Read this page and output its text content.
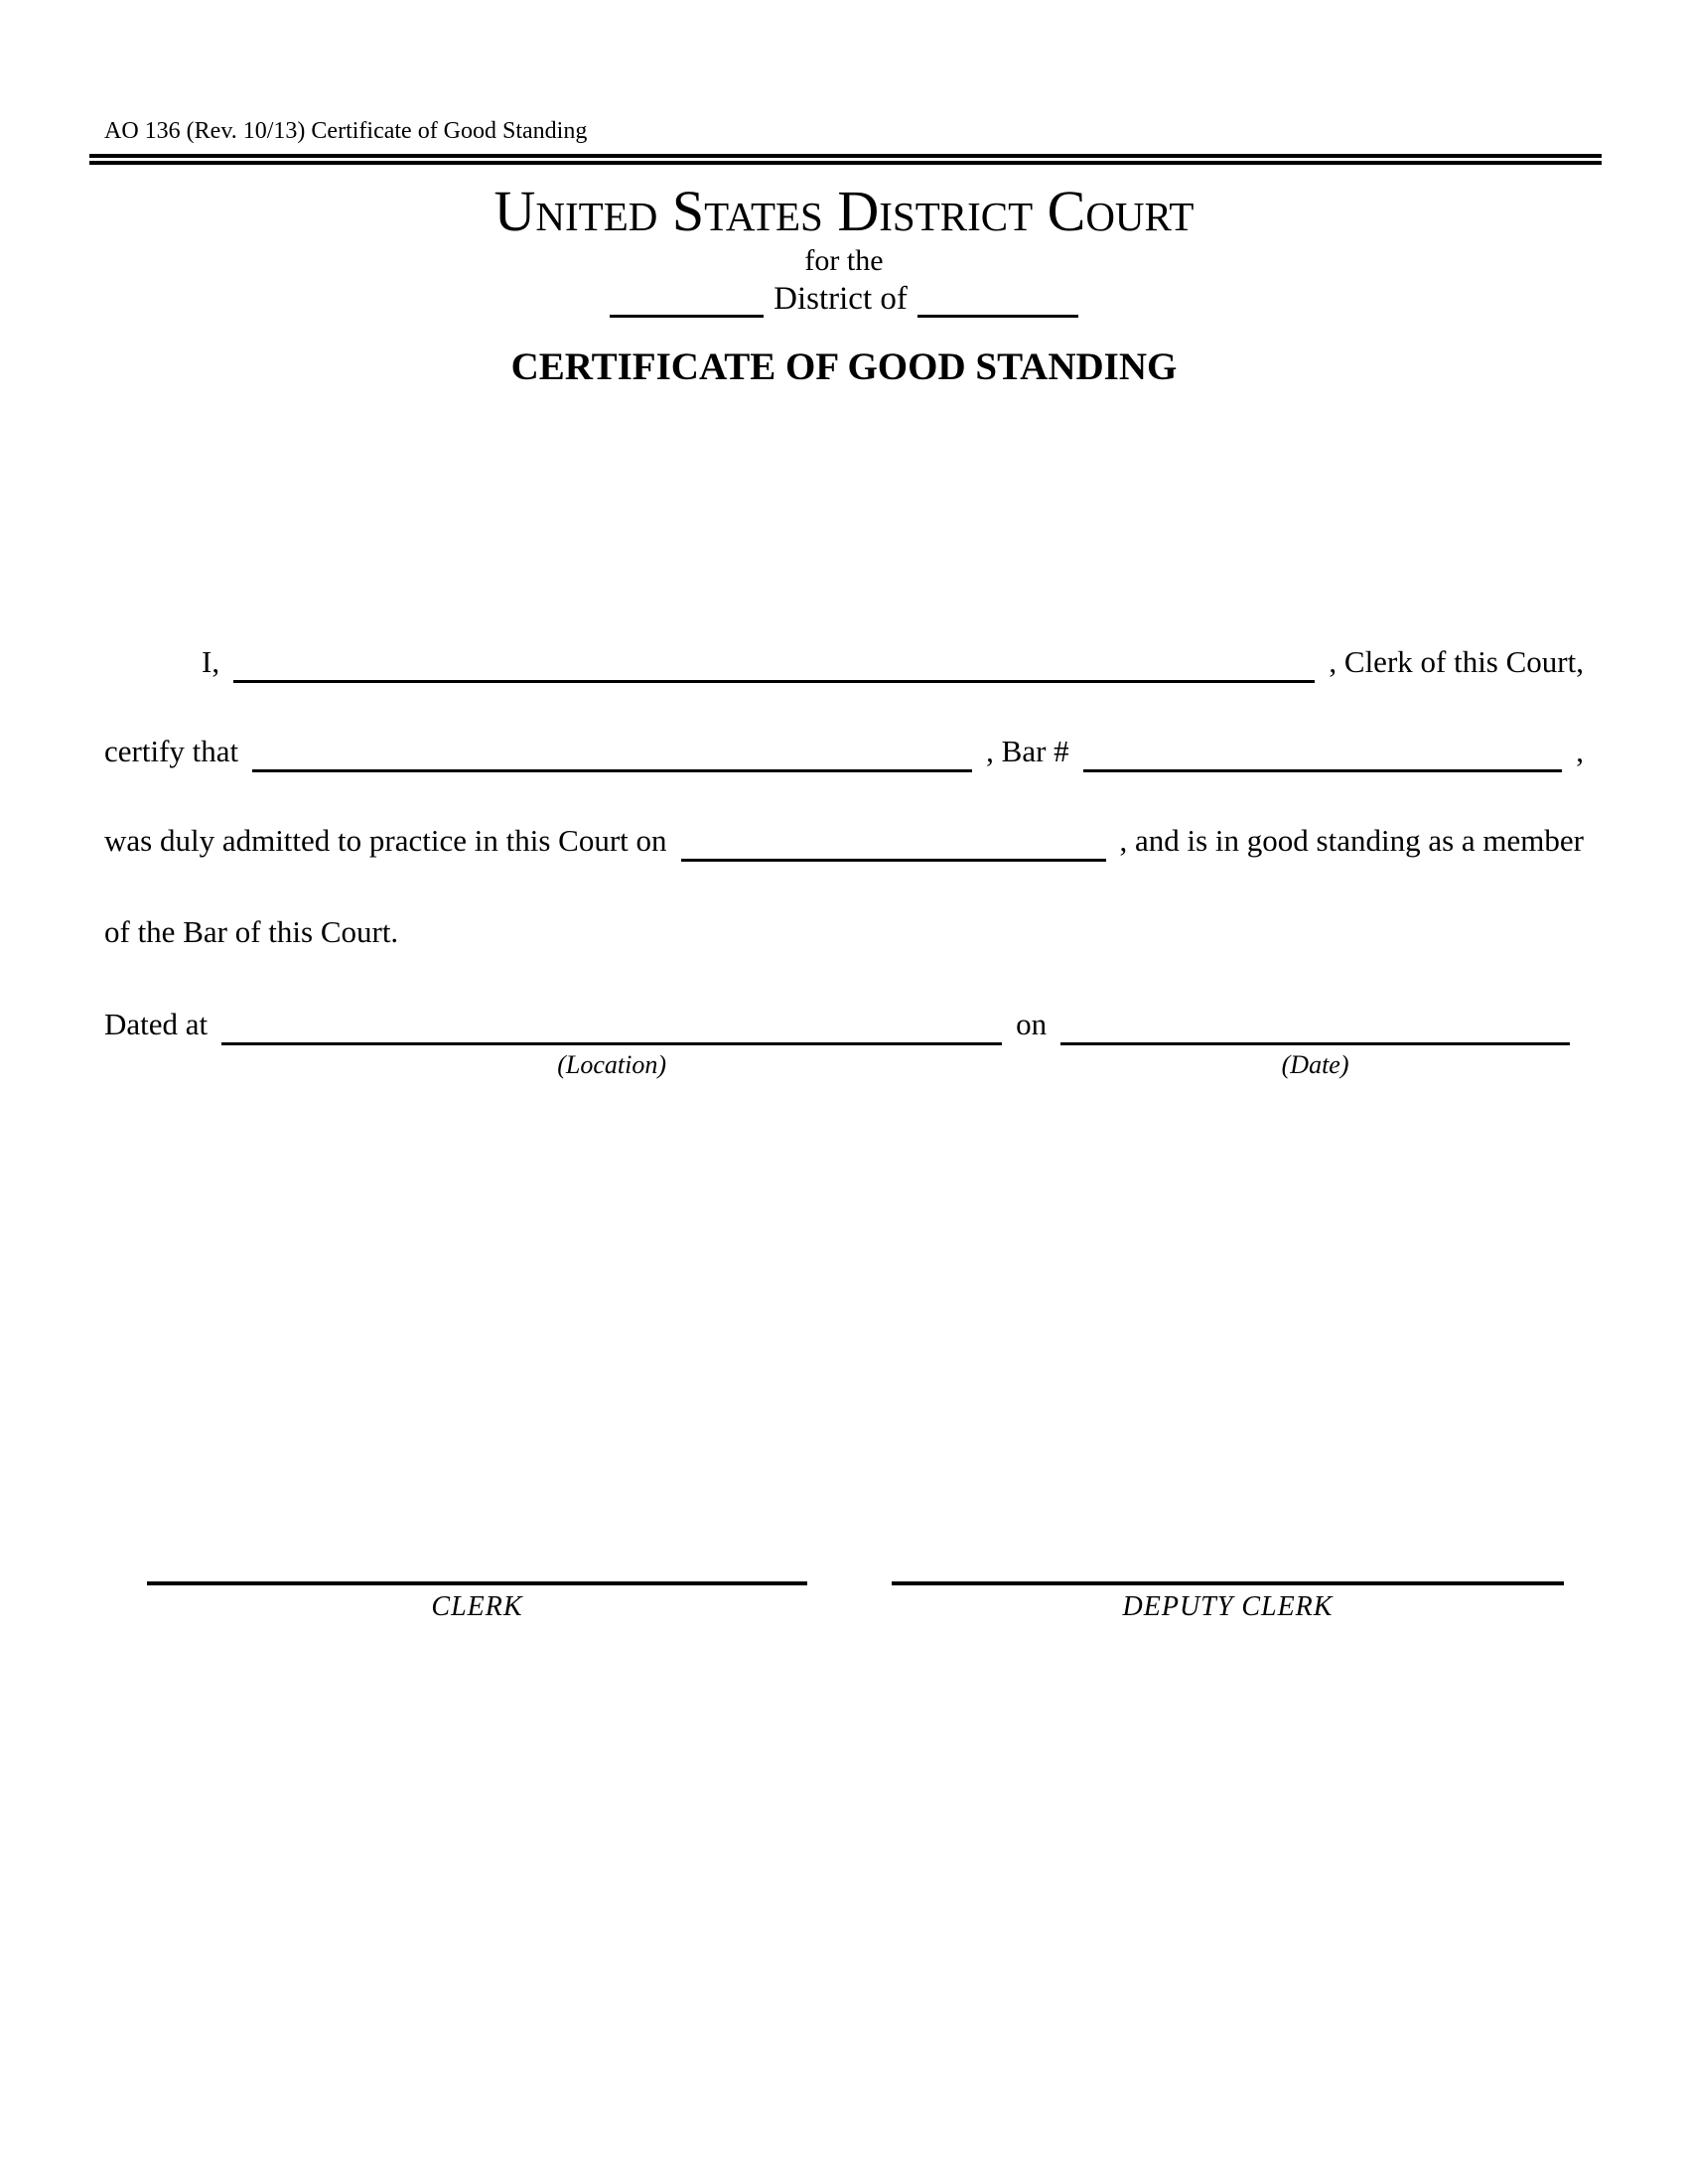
AO 136 (Rev. 10/13) Certificate of Good Standing
United States District Court
for the
District of
CERTIFICATE OF GOOD STANDING
I,	, Clerk of this Court,
certify that	, Bar #	,
was duly admitted to practice in this Court on	, and is in good standing as a member
of the Bar of this Court.
Dated at
(Location)
on
(Date)
CLERK	DEPUTY CLERK
